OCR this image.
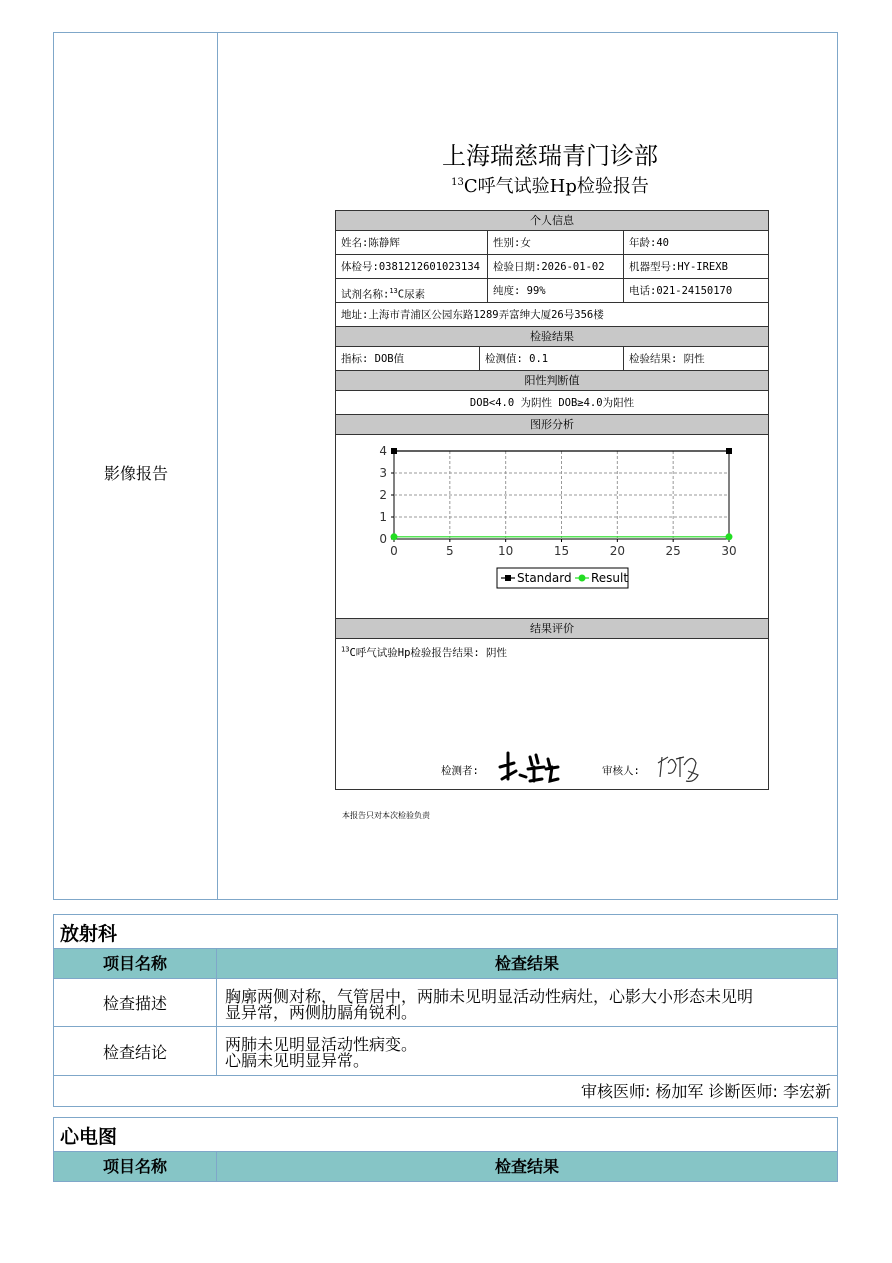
影像报告
上海瑞慈瑞青门诊部
$^{13}$C呼气试验Hp检验报告
个人信息
姓名:陈静辉	性别:女	年龄:40
体检号:0381212601023134	检验日期:2026-01-02	机器型号:HY-IREXB
试剂名称:$^{13}$C尿素	纯度: 99%	电话:021-24150170
地址:上海市青浦区公园东路1289弄富绅大厦26号356楼
检验结果
指标: DOB值	检测值: 0.1	检验结果: 阴性
阳性判断值
DOB<4.0 为阴性 DOB≥4.0为阳性
图形分析
0	5	10	15	20	25	30
0
1
2
3
4
Standard Result
结果评价
$^{13}$C呼气试验Hp检验报告结果: 阴性
检测者:	审核人:
本报告只对本次检验负责
放射科
项目名称	检查结果
检查描述	胸廓两侧对称，气管居中，两肺未见明显活动性病灶，心影大小形态未见明
显异常，两侧肋膈角锐利。
检查结论	两肺未见明显活动性病变。
心膈未见明显异常。
审核医师: 杨加军 诊断医师: 李宏新
心电图
项目名称	检查结果
